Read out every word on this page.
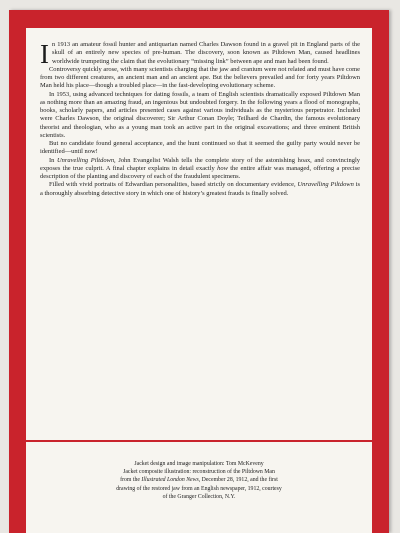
In 1913 an amateur fossil hunter and antiquarian named Charles Dawson found in a gravel pit in England parts of the skull of an entirely new species of pre-human. The discovery, soon known as Piltdown Man, caused headlines worldwide trumpeting the claim that the evolutionary “missing link” between ape and man had been found.

Controversy quickly arose, with many scientists charging that the jaw and cranium were not related and must have come from two different creatures, an ancient man and an ancient ape. But the believers prevailed and for forty years Piltdown Man held his place—though a troubled place—in the fast-developing evolutionary scheme.

In 1953, using advanced techniques for dating fossils, a team of English scientists dramatically exposed Piltdown Man as nothing more than an amazing fraud, an ingenious but undoubted forgery. In the following years a flood of monographs, books, scholarly papers, and articles presented cases against various individuals as the mysterious perpetrator. Included were Charles Dawson, the original discoverer; Sir Arthur Conan Doyle; Teilhard de Chardin, the famous evolutionary theorist and theologian, who as a young man took an active part in the original excavations; and three eminent British scientists.

But no candidate found general acceptance, and the hunt continued so that it seemed the guilty party would never be identified—until now!

In Unravelling Piltdown, John Evangelist Walsh tells the complete story of the astonishing hoax, and convincingly exposes the true culprit. A final chapter explains in detail exactly how the entire affair was managed, offering a precise description of the planting and discovery of each of the fraudulent specimens.

Filled with vivid portraits of Edwardian personalities, based strictly on documentary evidence, Unravelling Piltdown is a thoroughly absorbing detective story in which one of history’s greatest frauds is finally solved.

Jacket design and image manipulation: Tom McKeveny
Jacket composite illustration: reconstruction of the Piltdown Man
from the Illustrated London News, December 28, 1912, and the first
drawing of the restored jaw from an English newspaper, 1912, courtesy
of the Granger Collection, N.Y.
